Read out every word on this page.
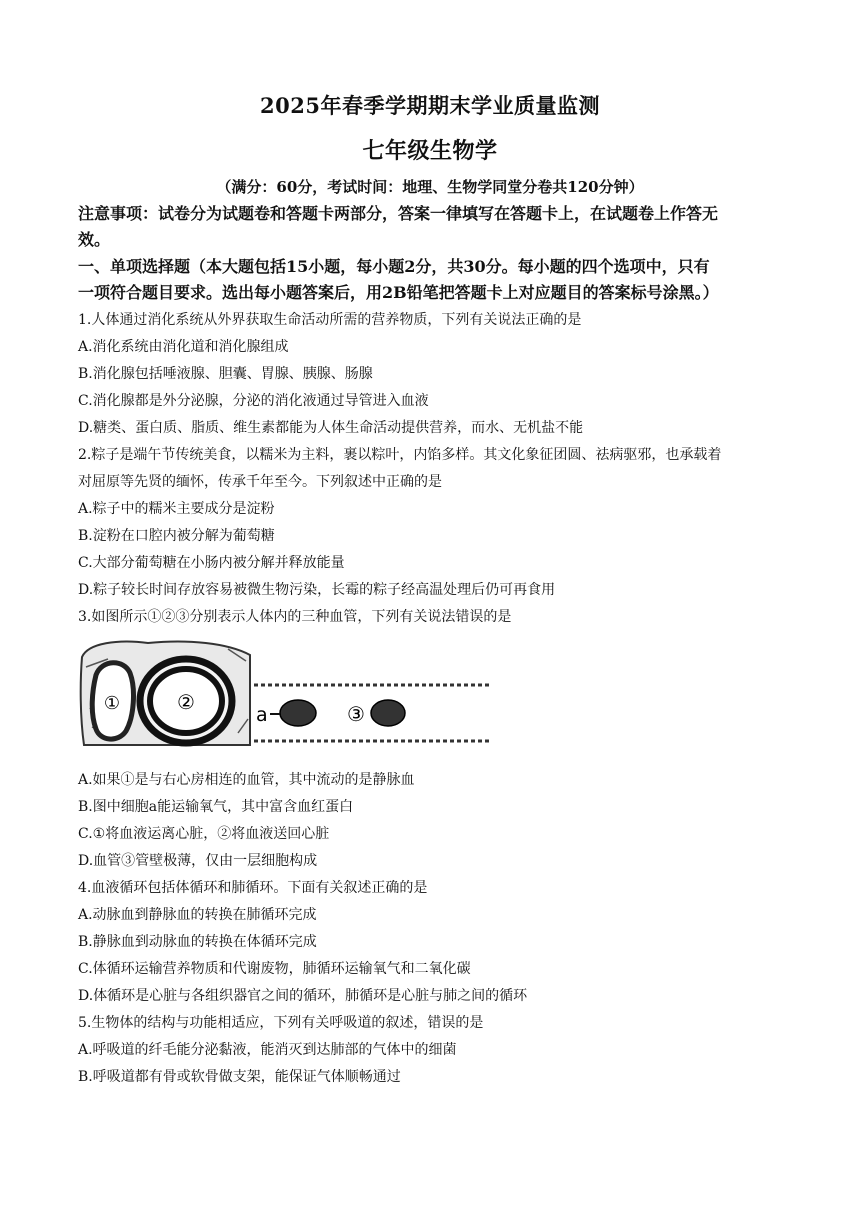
2025年春季学期期末学业质量监测
七年级生物学
（满分：60分，考试时间：地理、生物学同堂分卷共120分钟）
注意事项：试卷分为试题卷和答题卡两部分，答案一律填写在答题卡上，在试题卷上作答无
效。
一、单项选择题（本大题包括15小题，每小题2分，共30分。每小题的四个选项中，只有
一项符合题目要求。选出每小题答案后，用2B铅笔把答题卡上对应题目的答案标号涂黑。）
1.人体通过消化系统从外界获取生命活动所需的营养物质，下列有关说法正确的是
A.消化系统由消化道和消化腺组成
B.消化腺包括唾液腺、胆囊、胃腺、胰腺、肠腺
C.消化腺都是外分泌腺，分泌的消化液通过导管进入血液
D.糖类、蛋白质、脂质、维生素都能为人体生命活动提供营养，而水、无机盐不能
2.粽子是端午节传统美食，以糯米为主料，裹以粽叶，内馅多样。其文化象征团圆、祛病驱邪，也承载着
对屈原等先贤的缅怀，传承千年至今。下列叙述中正确的是
A.粽子中的糯米主要成分是淀粉
B.淀粉在口腔内被分解为葡萄糖
C.大部分葡萄糖在小肠内被分解并释放能量
D.粽子较长时间存放容易被微生物污染，长霉的粽子经高温处理后仍可再食用
3.如图所示①②③分别表示人体内的三种血管，下列有关说法错误的是
①	②
a	③
A.如果①是与右心房相连的血管，其中流动的是静脉血
B.图中细胞a能运输氧气，其中富含血红蛋白
C.①将血液运离心脏，②将血液送回心脏
D.血管③管壁极薄，仅由一层细胞构成
4.血液循环包括体循环和肺循环。下面有关叙述正确的是
A.动脉血到静脉血的转换在肺循环完成
B.静脉血到动脉血的转换在体循环完成
C.体循环运输营养物质和代谢废物，肺循环运输氧气和二氧化碳
D.体循环是心脏与各组织器官之间的循环，肺循环是心脏与肺之间的循环
5.生物体的结构与功能相适应，下列有关呼吸道的叙述，错误的是
A.呼吸道的纤毛能分泌黏液，能消灭到达肺部的气体中的细菌
B.呼吸道都有骨或软骨做支架，能保证气体顺畅通过
